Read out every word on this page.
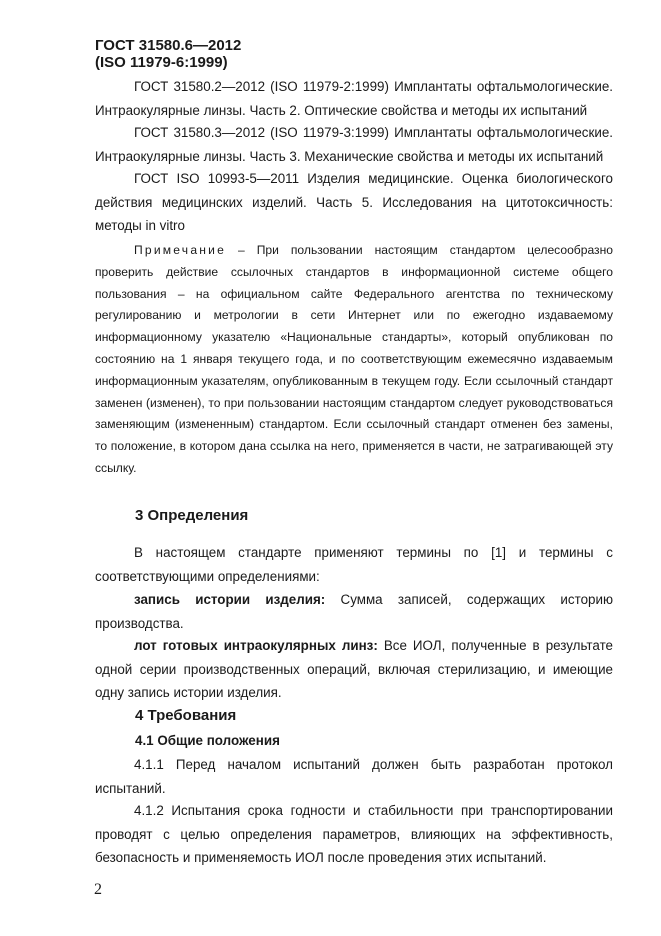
ГОСТ 31580.6—2012
(ISO 11979-6:1999)

ГОСТ 31580.2—2012 (ISO 11979-2:1999) Имплантаты офтальмологические. Интраокулярные линзы. Часть 2. Оптические свойства и методы их испытаний

ГОСТ 31580.3—2012 (ISO 11979-3:1999) Имплантаты офтальмологические. Интраокулярные линзы. Часть 3. Механические свойства и методы их испытаний

ГОСТ ISO 10993-5—2011 Изделия медицинские. Оценка биологического действия медицинских изделий. Часть 5. Исследования на цитотоксичность: методы in vitro

Примечание – При пользовании настоящим стандартом целесообразно проверить действие ссылочных стандартов в информационной системе общего пользования – на официальном сайте Федерального агентства по техническому регулированию и метрологии в сети Интернет или по ежегодно издаваемому информационному указателю «Национальные стандарты», который опубликован по состоянию на 1 января текущего года, и по соответствующим ежемесячно издаваемым информационным указателям, опубликованным в текущем году. Если ссылочный стандарт заменен (изменен), то при пользовании настоящим стандартом следует руководствоваться заменяющим (измененным) стандартом. Если ссылочный стандарт отменен без замены, то положение, в котором дана ссылка на него, применяется в части, не затрагивающей эту ссылку.

3 Определения

В настоящем стандарте применяют термины по [1] и термины с соответствующими определениями:

запись истории изделия: Сумма записей, содержащих историю производства.

лот готовых интраокулярных линз: Все ИОЛ, полученные в результате одной серии производственных операций, включая стерилизацию, и имеющие одну запись истории изделия.

4 Требования
4.1 Общие положения

4.1.1 Перед началом испытаний должен быть разработан протокол испытаний.

4.1.2 Испытания срока годности и стабильности при транспортировании проводят с целью определения параметров, влияющих на эффективность, безопасность и применяемость ИОЛ после проведения этих испытаний.

2
